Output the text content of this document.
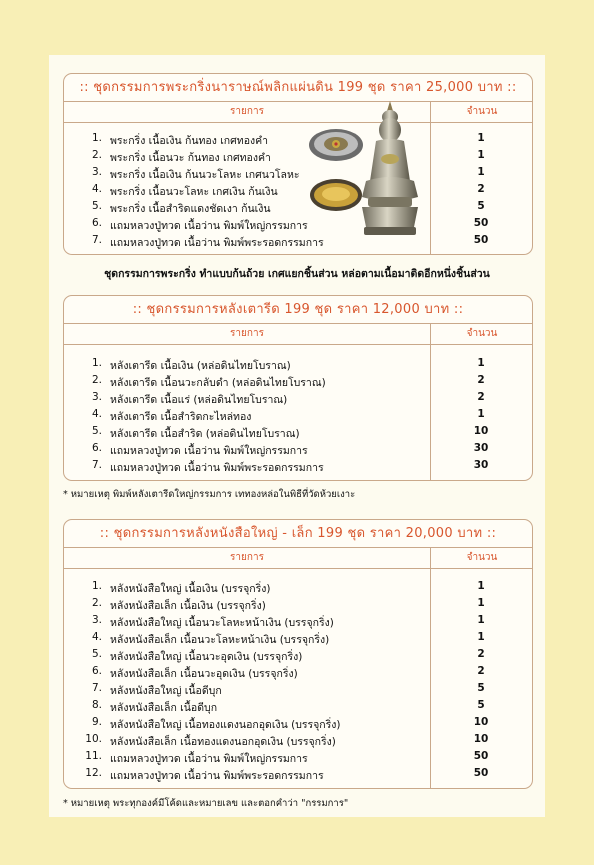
:: ชุดกรรมการพระกริ่งนาราษณ์พลิกแผ่นดิน 199 ชุด ราคา 25,000 บาท ::
รายการ	จำนวน
1. พระกริ่ง เนื้อเงิน ก้นทอง เกศทองคำ	1
2. พระกริ่ง เนื้อนวะ ก้นทอง เกศทองคำ	1
3. พระกริ่ง เนื้อเงิน ก้นนวะโลหะ เกศนวโลหะ	1
4. พระกริ่ง เนื้อนวะโลหะ เกศเงิน ก้นเงิน	2
5. พระกริ่ง เนื้อสำริดแดงชัดเงา ก้นเงิน	5
6. แถมหลวงปู่ทวด เนื้อว่าน พิมพ์ใหญ่กรรมการ	50
7. แถมหลวงปู่ทวด เนื้อว่าน พิมพ์พระรอดกรรมการ	50
ชุดกรรมการพระกริ่ง ทำแบบก้นถ้วย เกศแยกชิ้นส่วน หล่อตามเนื้อมาติดอีกหนึ่งชิ้นส่วน
:: ชุดกรรมการหลังเตารีด 199 ชุด ราคา 12,000 บาท ::
รายการ	จำนวน
1. หลังเตารีด เนื้อเงิน (หล่อดินไทยโบราณ)	1
2. หลังเตารีด เนื้อนวะกลับดำ (หล่อดินไทยโบราณ)	2
3. หลังเตารีด เนื้อแร่ (หล่อดินไทยโบราณ)	2
4. หลังเตารีด เนื้อสำริดกะไหล่ทอง	1
5. หลังเตารีด เนื้อสำริด (หล่อดินไทยโบราณ)	10
6. แถมหลวงปู่ทวด เนื้อว่าน พิมพ์ใหญ่กรรมการ	30
7. แถมหลวงปู่ทวด เนื้อว่าน พิมพ์พระรอดกรรมการ	30
* หมายเหตุ พิมพ์หลังเตารีดใหญ่กรรมการ เททองหล่อในพิธีที่วัดห้วยเงาะ
:: ชุดกรรมการหลังหนังสือใหญ่ - เล็ก 199 ชุด ราคา 20,000 บาท ::
รายการ	จำนวน
1. หลังหนังสือใหญ่ เนื้อเงิน (บรรจุกริ่ง)	1
2. หลังหนังสือเล็ก เนื้อเงิน (บรรจุกริ่ง)	1
3. หลังหนังสือใหญ่ เนื้อนวะโลหะหน้าเงิน (บรรจุกริ่ง)	1
4. หลังหนังสือเล็ก เนื้อนวะโลหะหน้าเงิน (บรรจุกริ่ง)	1
5. หลังหนังสือใหญ่ เนื้อนวะอุดเงิน (บรรจุกริ่ง)	2
6. หลังหนังสือเล็ก เนื้อนวะอุดเงิน (บรรจุกริ่ง)	2
7. หลังหนังสือใหญ่ เนื้อดีบุก	5
8. หลังหนังสือเล็ก เนื้อดีบุก	5
9. หลังหนังสือใหญ่ เนื้อทองแดงนอกอุดเงิน (บรรจุกริ่ง)	10
10. หลังหนังสือเล็ก เนื้อทองแดงนอกอุดเงิน (บรรจุกริ่ง)	10
11. แถมหลวงปู่ทวด เนื้อว่าน พิมพ์ใหญ่กรรมการ	50
12. แถมหลวงปู่ทวด เนื้อว่าน พิมพ์พระรอดกรรมการ	50
* หมายเหตุ พระทุกองค์มีโค้ดและหมายเลข และตอกคำว่า "กรรมการ"
